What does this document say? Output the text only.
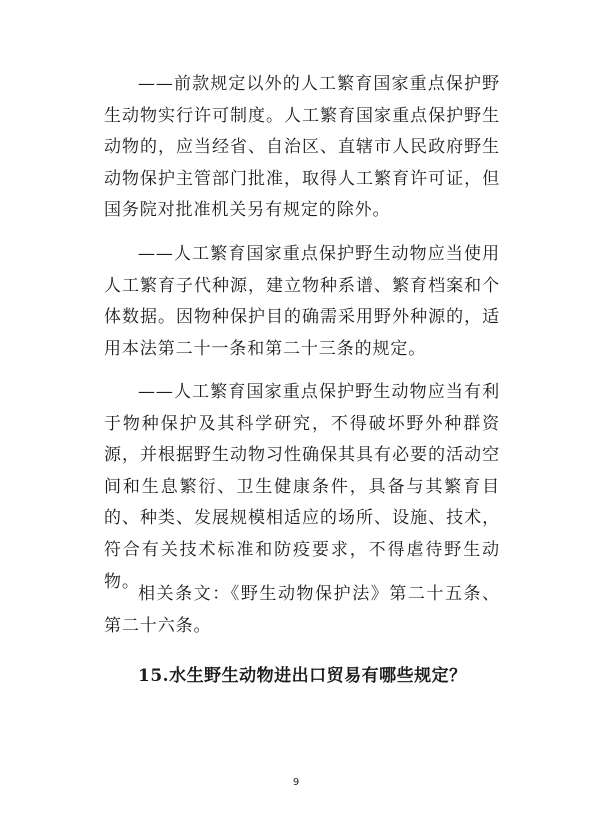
——前款规定以外的人工繁育国家重点保护野生动物实行许可制度。人工繁育国家重点保护野生动物的，应当经省、自治区、直辖市人民政府野生动物保护主管部门批准，取得人工繁育许可证，但国务院对批准机关另有规定的除外。

——人工繁育国家重点保护野生动物应当使用人工繁育子代种源，建立物种系谱、繁育档案和个体数据。因物种保护目的确需采用野外种源的，适用本法第二十一条和第二十三条的规定。

——人工繁育国家重点保护野生动物应当有利于物种保护及其科学研究，不得破坏野外种群资源，并根据野生动物习性确保其具有必要的活动空间和生息繁衍、卫生健康条件，具备与其繁育目的、种类、发展规模相适应的场所、设施、技术，符合有关技术标准和防疫要求，不得虐待野生动物。

相关条文：《野生动物保护法》第二十五条、第二十六条。

15.水生野生动物进出口贸易有哪些规定？

9
